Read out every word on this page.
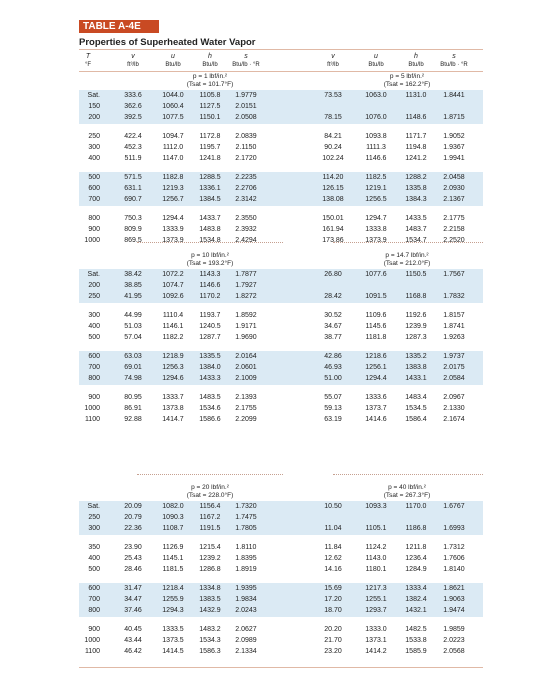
TABLE A-4E
Properties of Superheated Water Vapor
T	v	u	h	s	v	u	h	s
°F	ft³/lb	Btu/lb	Btu/lb	Btu/lb · °R	ft³/lb	Btu/lb	Btu/lb	Btu/lb · °R
p = 1 lbf/in.²
(Tsat = 101.7°F)
p = 5 lbf/in.²
(Tsat = 162.2°F)
Sat.	333.6	1044.0	1105.8	1.9779	73.53	1063.0	1131.0	1.8441
150	362.6	1060.4	1127.5	2.0151
200	392.5	1077.5	1150.1	2.0508	78.15	1076.0	1148.6	1.8715
250	422.4	1094.7	1172.8	2.0839	84.21	1093.8	1171.7	1.9052
300	452.3	1112.0	1195.7	2.1150	90.24	1111.3	1194.8	1.9367
400	511.9	1147.0	1241.8	2.1720	102.24	1146.6	1241.2	1.9941
500	571.5	1182.8	1288.5	2.2235	114.20	1182.5	1288.2	2.0458
600	631.1	1219.3	1336.1	2.2706	126.15	1219.1	1335.8	2.0930
700	690.7	1256.7	1384.5	2.3142	138.08	1256.5	1384.3	2.1367
800	750.3	1294.4	1433.7	2.3550	150.01	1294.7	1433.5	2.1775
900	809.9	1333.9	1483.8	2.3932	161.94	1333.8	1483.7	2.2158
1000	869.5	1373.9	1534.8	2.4294	173.86	1373.9	1534.7	2.2520
p = 10 lbf/in.²
(Tsat = 193.2°F)
p = 14.7 lbf/in.²
(Tsat = 212.0°F)
Sat.	38.42	1072.2	1143.3	1.7877	26.80	1077.6	1150.5	1.7567
200	38.85	1074.7	1146.6	1.7927
250	41.95	1092.6	1170.2	1.8272	28.42	1091.5	1168.8	1.7832
300	44.99	1110.4	1193.7	1.8592	30.52	1109.6	1192.6	1.8157
400	51.03	1146.1	1240.5	1.9171	34.67	1145.6	1239.9	1.8741
500	57.04	1182.2	1287.7	1.9690	38.77	1181.8	1287.3	1.9263
600	63.03	1218.9	1335.5	2.0164	42.86	1218.6	1335.2	1.9737
700	69.01	1256.3	1384.0	2.0601	46.93	1256.1	1383.8	2.0175
800	74.98	1294.6	1433.3	2.1009	51.00	1294.4	1433.1	2.0584
900	80.95	1333.7	1483.5	2.1393	55.07	1333.6	1483.4	2.0967
1000	86.91	1373.8	1534.6	2.1755	59.13	1373.7	1534.5	2.1330
1100	92.88	1414.7	1586.6	2.2099	63.19	1414.6	1586.4	2.1674
p = 20 lbf/in.²
(Tsat = 228.0°F)
p = 40 lbf/in.²
(Tsat = 267.3°F)
Sat.	20.09	1082.0	1156.4	1.7320	10.50	1093.3	1170.0	1.6767
250	20.79	1090.3	1167.2	1.7475
300	22.36	1108.7	1191.5	1.7805	11.04	1105.1	1186.8	1.6993
350	23.90	1126.9	1215.4	1.8110	11.84	1124.2	1211.8	1.7312
400	25.43	1145.1	1239.2	1.8395	12.62	1143.0	1236.4	1.7606
500	28.46	1181.5	1286.8	1.8919	14.16	1180.1	1284.9	1.8140
600	31.47	1218.4	1334.8	1.9395	15.69	1217.3	1333.4	1.8621
700	34.47	1255.9	1383.5	1.9834	17.20	1255.1	1382.4	1.9063
800	37.46	1294.3	1432.9	2.0243	18.70	1293.7	1432.1	1.9474
900	40.45	1333.5	1483.2	2.0627	20.20	1333.0	1482.5	1.9859
1000	43.44	1373.5	1534.3	2.0989	21.70	1373.1	1533.8	2.0223
1100	46.42	1414.5	1586.3	2.1334	23.20	1414.2	1585.9	2.0568
